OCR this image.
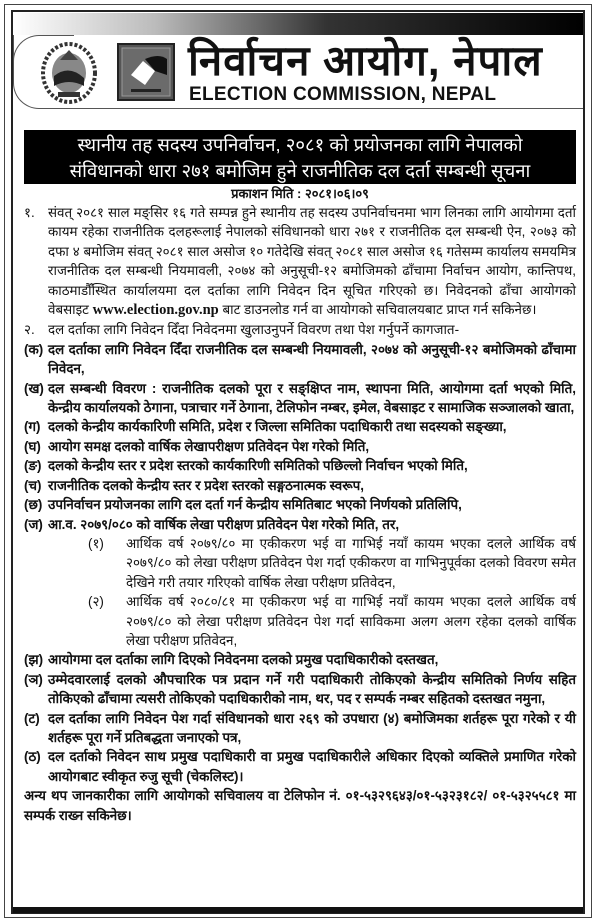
निर्वाचन आयोग, नेपाल
ELECTION COMMISSION, NEPAL
स्थानीय तह सदस्य उपनिर्वाचन, २०८१ को प्रयोजनका लागि नेपालको
संविधानको धारा २७१ बमोजिम हुने राजनीतिक दल दर्ता सम्बन्धी सूचना
प्रकाशन मिति : २०८१।०६।०९
१. संवत् २०८१ साल मङ्सिर १६ गते सम्पन्न हुने स्थानीय तह सदस्य उपनिर्वाचनमा भाग लिनका लागि आयोगमा दर्ता कायम रहेका राजनीतिक दलहरूलाई नेपालको संविधानको धारा २७१ र राजनीतिक दल सम्बन्धी ऐन, २०७३ को दफा ४ बमोजिम संवत् २०८१ साल असोज १० गतेदेखि संवत् २०८१ साल असोज १६ गतेसम्म कार्यालय समयमित्र राजनीतिक दल सम्बन्धी नियमावली, २०७४ को अनुसूची-१२ बमोजिमको ढाँचामा निर्वाचन आयोग, कान्तिपथ, काठमाडौँस्थित कार्यालयमा दल दर्ताका लागि निवेदन दिन सूचित गरिएको छ। निवेदनको ढाँचा आयोगको वेबसाइट www.election.gov.np बाट डाउनलोड गर्न वा आयोगको सचिवालयबाट प्राप्त गर्न सकिनेछ।
२. दल दर्ताका लागि निवेदन दिँदा निवेदनमा खुलाउनुपर्ने विवरण तथा पेश गर्नुपर्ने कागजात-
(क) दल दर्ताका लागि निवेदन दिँदा राजनीतिक दल सम्बन्धी नियमावली, २०७४ को अनुसूची-१२ बमोजिमको ढाँचामा निवेदन,
(ख) दल सम्बन्धी विवरण : राजनीतिक दलको पूरा र सङ्क्षिप्त नाम, स्थापना मिति, आयोगमा दर्ता भएको मिति, केन्द्रीय कार्यालयको ठेगाना, पत्राचार गर्ने ठेगाना, टेलिफोन नम्बर, इमेल, वेबसाइट र सामाजिक सञ्जालको खाता,
(ग) दलको केन्द्रीय कार्यकारिणी समिति, प्रदेश र जिल्ला समितिका पदाधिकारी तथा सदस्यको सङ्ख्या,
(घ) आयोग समक्ष दलको वार्षिक लेखापरीक्षण प्रतिवेदन पेश गरेको मिति,
(ङ) दलको केन्द्रीय स्तर र प्रदेश स्तरको कार्यकारिणी समितिको पछिल्लो निर्वाचन भएको मिति,
(च) राजनीतिक दलको केन्द्रीय स्तर र प्रदेश स्तरको सङ्गठनात्मक स्वरूप,
(छ) उपनिर्वाचन प्रयोजनका लागि दल दर्ता गर्न केन्द्रीय समितिबाट भएको निर्णयको प्रतिलिपि,
(ज) आ.व. २०७९/०८० को वार्षिक लेखा परीक्षण प्रतिवेदन पेश गरेको मिति, तर,
(१)	आर्थिक वर्ष २०७९/८० मा एकीकरण भई वा गाभिई नयाँ कायम भएका दलले आर्थिक वर्ष २०७९/८० को लेखा परीक्षण प्रतिवेदन पेश गर्दा एकीकरण वा गाभिनुपूर्वका दलको विवरण समेत देखिने गरी तयार गरिएको वार्षिक लेखा परीक्षण प्रतिवेदन,
(२)	आर्थिक वर्ष २०८०/८१ मा एकीकरण भई वा गाभिई नयाँ कायम भएका दलले आर्थिक वर्ष २०७९/८० को लेखा परीक्षण प्रतिवेदन पेश गर्दा साविकमा अलग अलग रहेका दलको वार्षिक लेखा परीक्षण प्रतिवेदन,
(झ) आयोगमा दल दर्ताका लागि दिएको निवेदनमा दलको प्रमुख पदाधिकारीको दस्तखत,
(ञ) उम्मेदवारलाई दलको औपचारिक पत्र प्रदान गर्ने गरी पदाधिकारी तोकिएको केन्द्रीय समितिको निर्णय सहित तोकिएको ढाँचामा त्यसरी तोकिएको पदाधिकारीको नाम, थर, पद र सम्पर्क नम्बर सहितको दस्तखत नमुना,
(ट) दल दर्ताका लागि निवेदन पेश गर्दा संविधानको धारा २६९ को उपधारा (४) बमोजिमका शर्तहरू पूरा गरेको र यी शर्तहरू पूरा गर्ने प्रतिबद्धता जनाएको पत्र,
(ठ) दल दर्ताको निवेदन साथ प्रमुख पदाधिकारी वा प्रमुख पदाधिकारीले अधिकार दिएको व्यक्तिले प्रमाणित गरेको आयोगबाट स्वीकृत रुजु सूची (चेकलिस्ट)।
अन्य थप जानकारीका लागि आयोगको सचिवालय वा टेलिफोन नं. ०१-५३२९६४३/०१-५३२३१८२/ ०१-५३२५५८१ मा सम्पर्क राख्न सकिनेछ।
